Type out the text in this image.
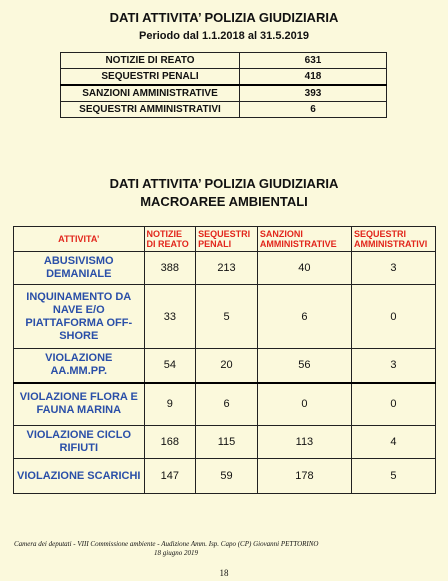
DATI ATTIVITA’ POLIZIA GIUDIZIARIA
Periodo dal 1.1.2018 al 31.5.2019
NOTIZIE DI REATO	631
SEQUESTRI PENALI	418
SANZIONI AMMINISTRATIVE	393
SEQUESTRI AMMINISTRATIVI	6
DATI ATTIVITA’ POLIZIA GIUDIZIARIA
MACROAREE AMBIENTALI
ATTIVITA’	NOTIZIE DI REATO	SEQUESTRI PENALI	SANZIONI AMMINISTRATIVE	SEQUESTRI AMMINISTRATIVI
ABUSIVISMO DEMANIALE	388	213	40	3
INQUINAMENTO DA NAVE E/O PIATTAFORMA OFF-SHORE	33	5	6	0
VIOLAZIONE AA.MM.PP.	54	20	56	3
VIOLAZIONE FLORA E FAUNA MARINA	9	6	0	0
VIOLAZIONE CICLO RIFIUTI	168	115	113	4
VIOLAZIONE SCARICHI	147	59	178	5
Camera dei deputati - VIII Commissione ambiente - Audizione Amm. Isp. Capo (CP) Giovanni PETTORINO
18 giugno 2019
18
